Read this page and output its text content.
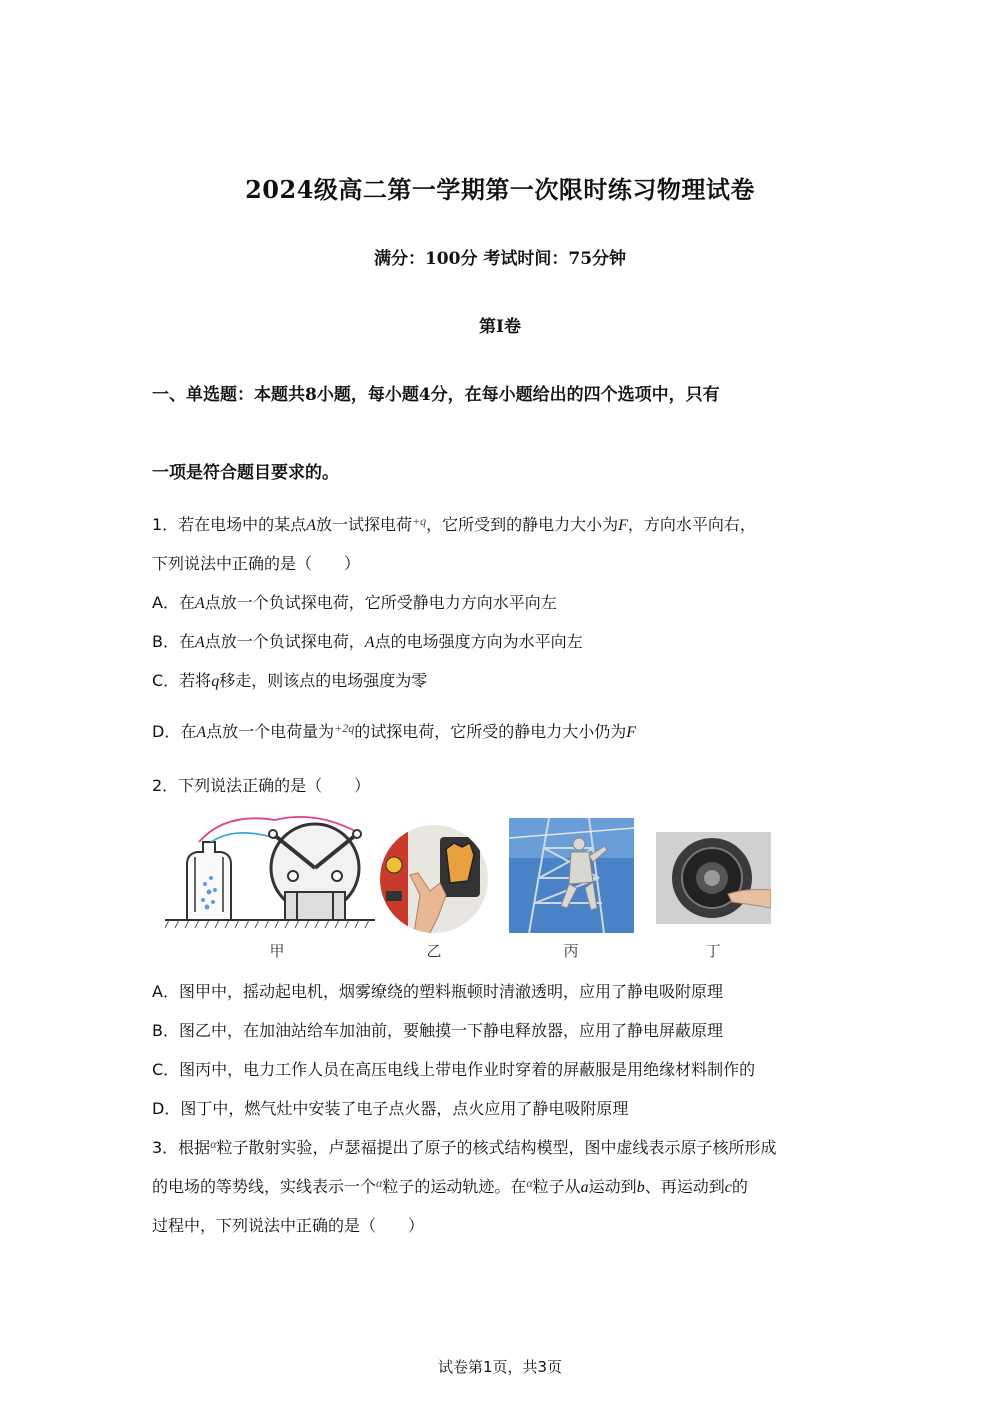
2024级高二第一学期第一次限时练习物理试卷
满分：100分 考试时间：75分钟
第Ⅰ卷
一、单选题：本题共8小题，每小题4分，在每小题给出的四个选项中，只有
一项是符合题目要求的。
1．若在电场中的某点A放一试探电荷$^{+q}$，它所受到的静电力大小为F，方向水平向右，
下列说法中正确的是（　　）
A．在A点放一个负试探电荷，它所受静电力方向水平向左
B．在A点放一个负试探电荷，A点的电场强度方向为水平向左
C．若将q移走，则该点的电场强度为零
D．在A点放一个电荷量为$^{+2q}$的试探电荷，它所受的静电力大小仍为F
2．下列说法正确的是（　　）
甲	乙	丙	丁
A．图甲中，摇动起电机，烟雾缭绕的塑料瓶顿时清澈透明，应用了静电吸附原理
B．图乙中，在加油站给车加油前，要触摸一下静电释放器，应用了静电屏蔽原理
C．图丙中，电力工作人员在高压电线上带电作业时穿着的屏蔽服是用绝缘材料制作的
D．图丁中，燃气灶中安装了电子点火器，点火应用了静电吸附原理
3．根据$^\alpha$粒子散射实验，卢瑟福提出了原子的核式结构模型，图中虚线表示原子核所形成
的电场的等势线，实线表示一个$^\alpha$粒子的运动轨迹。在$^\alpha$粒子从a运动到b、再运动到c的
过程中，下列说法中正确的是（　　）
试卷第1页，共3页
